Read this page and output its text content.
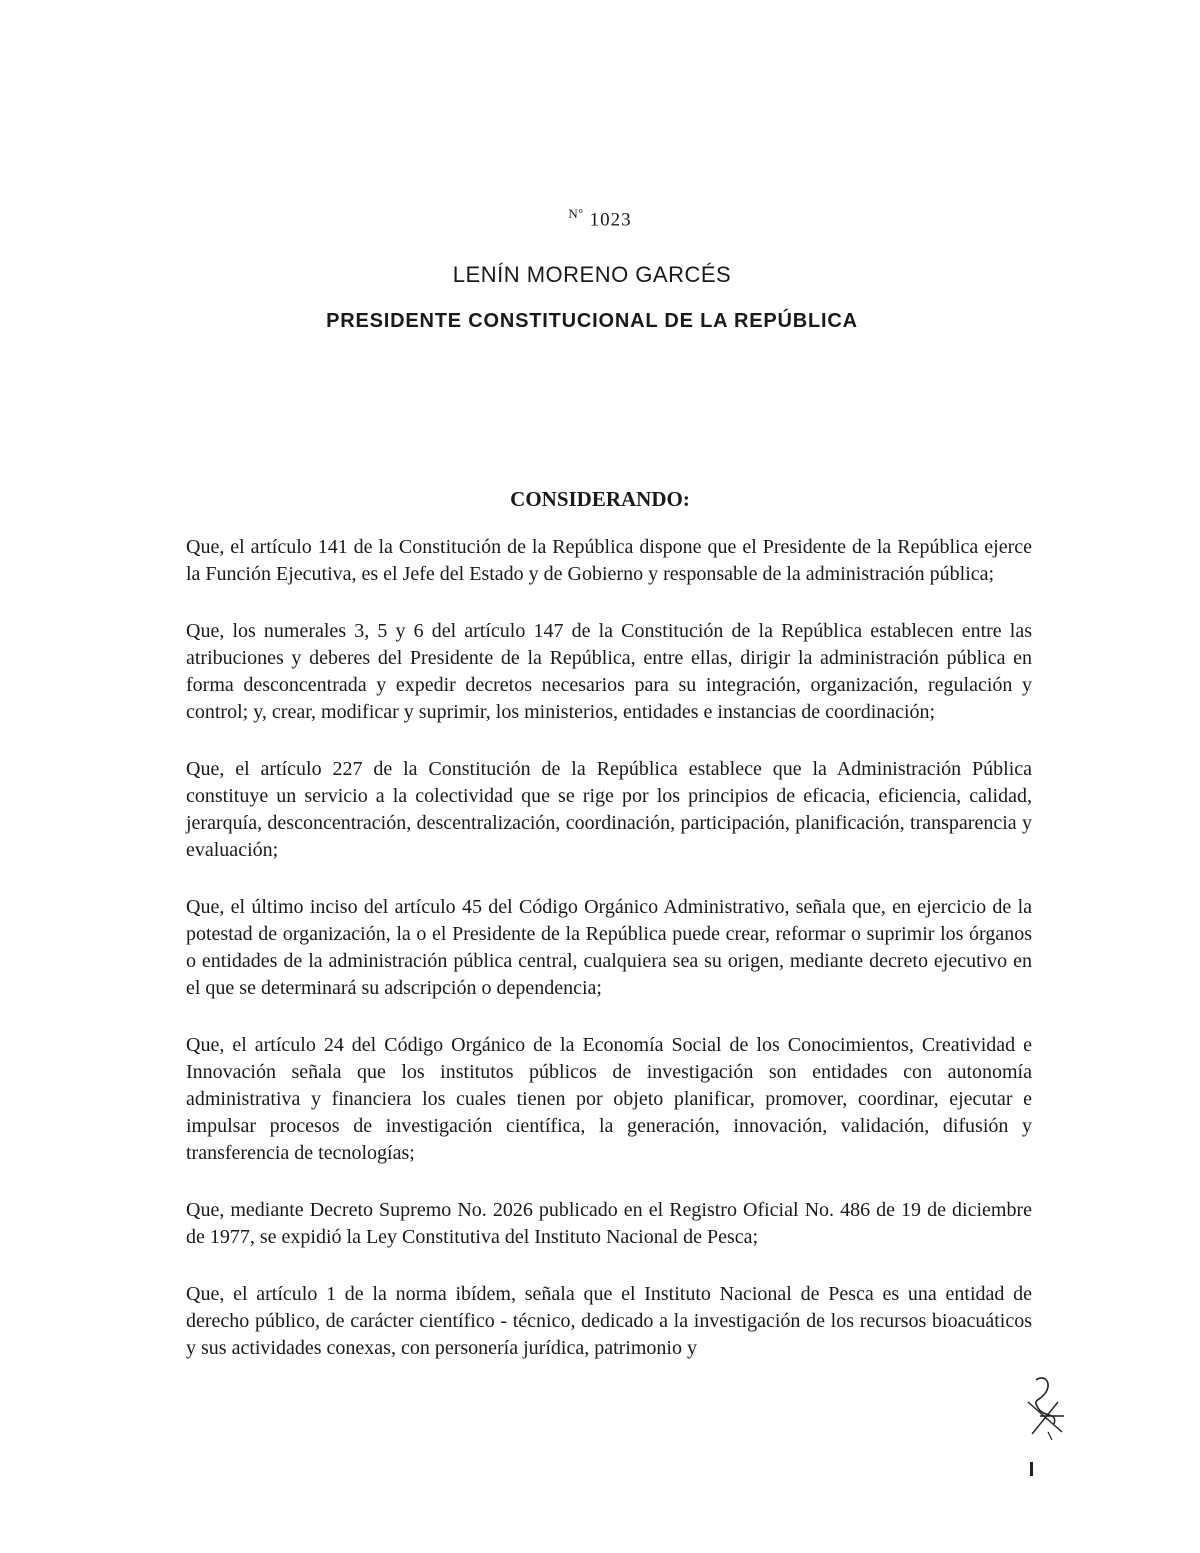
$^{Nº}$ 1023
LENÍN MORENO GARCÉS
PRESIDENTE CONSTITUCIONAL DE LA REPÚBLICA
CONSIDERANDO:

Que, el artículo 141 de la Constitución de la República dispone que el Presidente de la República ejerce la Función Ejecutiva, es el Jefe del Estado y de Gobierno y responsable de la administración pública;

Que, los numerales 3, 5 y 6 del artículo 147 de la Constitución de la República establecen entre las atribuciones y deberes del Presidente de la República, entre ellas, dirigir la administración pública en forma desconcentrada y expedir decretos necesarios para su integración, organización, regulación y control; y, crear, modificar y suprimir, los ministerios, entidades e instancias de coordinación;

Que, el artículo 227 de la Constitución de la República establece que la Administración Pública constituye un servicio a la colectividad que se rige por los principios de eficacia, eficiencia, calidad, jerarquía, desconcentración, descentralización, coordinación, participación, planificación, transparencia y evaluación;

Que, el último inciso del artículo 45 del Código Orgánico Administrativo, señala que, en ejercicio de la potestad de organización, la o el Presidente de la República puede crear, reformar o suprimir los órganos o entidades de la administración pública central, cualquiera sea su origen, mediante decreto ejecutivo en el que se determinará su adscripción o dependencia;

Que, el artículo 24 del Código Orgánico de la Economía Social de los Conocimientos, Creatividad e Innovación señala que los institutos públicos de investigación son entidades con autonomía administrativa y financiera los cuales tienen por objeto planificar, promover, coordinar, ejecutar e impulsar procesos de investigación científica, la generación, innovación, validación, difusión y transferencia de tecnologías;

Que, mediante Decreto Supremo No. 2026 publicado en el Registro Oficial No. 486 de 19 de diciembre de 1977, se expidió la Ley Constitutiva del Instituto Nacional de Pesca;

Que, el artículo 1 de la norma ibídem, señala que el Instituto Nacional de Pesca es una entidad de derecho público, de carácter científico - técnico, dedicado a la investigación de los recursos bioacuáticos y sus actividades conexas, con personería jurídica, patrimonio y
